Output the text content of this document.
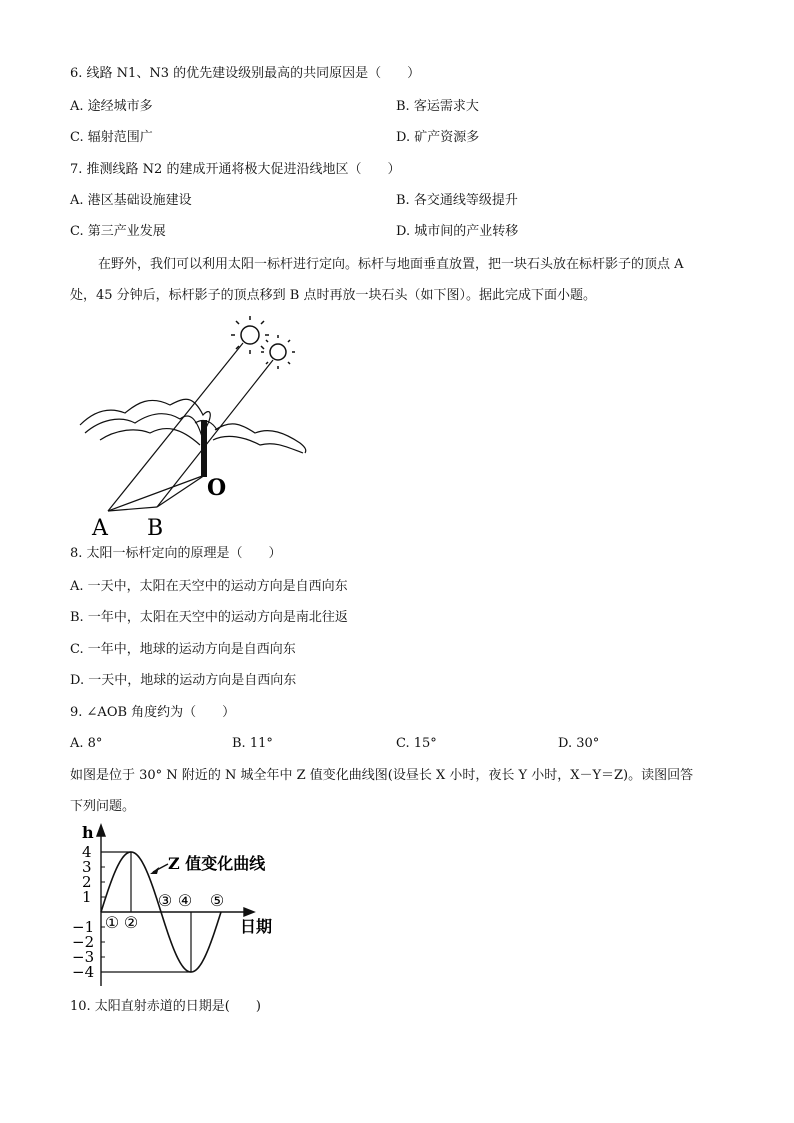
6. 线路 N1、N3 的优先建设级别最高的共同原因是（　　）
A. 途经城市多	B. 客运需求大
C. 辐射范围广	D. 矿产资源多
7. 推测线路 N2 的建成开通将极大促进沿线地区（　　）
A. 港区基础设施建设	B. 各交通线等级提升
C. 第三产业发展	D. 城市间的产业转移
在野外，我们可以利用太阳一标杆进行定向。标杆与地面垂直放置，把一块石头放在标杆影子的顶点 A
处，45 分钟后，标杆影子的顶点移到 B 点时再放一块石头（如下图）。据此完成下面小题。
O
A B
8. 太阳一标杆定向的原理是（　　）
A. 一天中，太阳在天空中的运动方向是自西向东
B. 一年中，太阳在天空中的运动方向是南北往返
C. 一年中，地球的运动方向是自西向东
D. 一天中，地球的运动方向是自西向东
9. ∠AOB 角度约为（　　）
A. 8°	B. 11°	C. 15°	D. 30°
如图是位于 30° N 附近的 N 城全年中 Z 值变化曲线图(设昼长 X 小时，夜长 Y 小时，X－Y＝Z)。读图回答
下列问题。
h
日期
Z 值变化曲线
4
3
2
1
−1
−2
−3
−4
① ②
③ ④ ⑤
10. 太阳直射赤道的日期是(　　)
